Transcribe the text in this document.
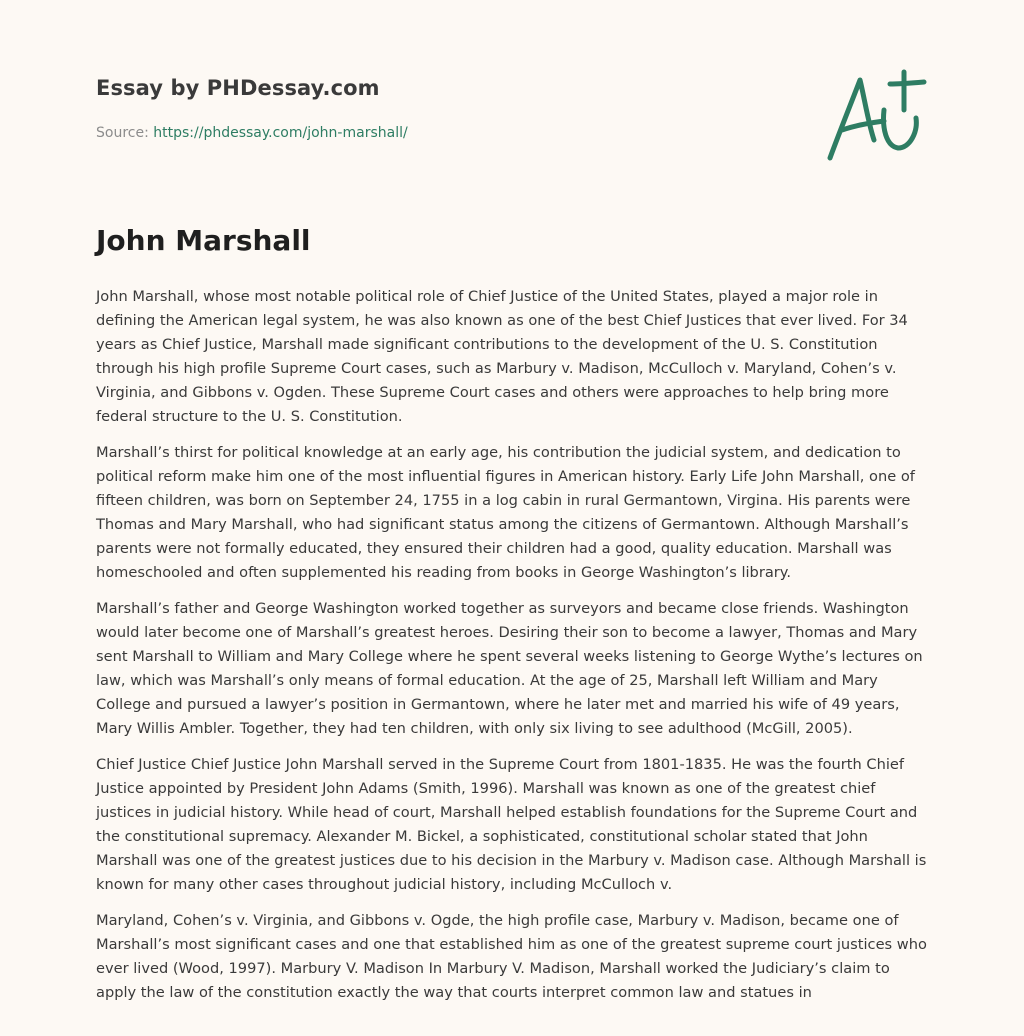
Essay by PHDessay.com
Source: https://phdessay.com/john-marshall/
John Marshall

John Marshall, whose most notable political role of Chief Justice of the United States, played a major role in defining the American legal system, he was also known as one of the best Chief Justices that ever lived. For 34 years as Chief Justice, Marshall made significant contributions to the development of the U. S. Constitution through his high profile Supreme Court cases, such as Marbury v. Madison, McCulloch v. Maryland, Cohen’s v. Virginia, and Gibbons v. Ogden. These Supreme Court cases and others were approaches to help bring more federal structure to the U. S. Constitution.

Marshall’s thirst for political knowledge at an early age, his contribution the judicial system, and dedication to political reform make him one of the most influential figures in American history. Early Life John Marshall, one of fifteen children, was born on September 24, 1755 in a log cabin in rural Germantown, Virgina. His parents were Thomas and Mary Marshall, who had significant status among the citizens of Germantown. Although Marshall’s parents were not formally educated, they ensured their children had a good, quality education. Marshall was homeschooled and often supplemented his reading from books in George Washington’s library.

Marshall’s father and George Washington worked together as surveyors and became close friends. Washington would later become one of Marshall’s greatest heroes. Desiring their son to become a lawyer, Thomas and Mary sent Marshall to William and Mary College where he spent several weeks listening to George Wythe’s lectures on law, which was Marshall’s only means of formal education. At the age of 25, Marshall left William and Mary College and pursued a lawyer’s position in Germantown, where he later met and married his wife of 49 years, Mary Willis Ambler. Together, they had ten children, with only six living to see adulthood (McGill, 2005).

Chief Justice Chief Justice John Marshall served in the Supreme Court from 1801-1835. He was the fourth Chief Justice appointed by President John Adams (Smith, 1996). Marshall was known as one of the greatest chief justices in judicial history. While head of court, Marshall helped establish foundations for the Supreme Court and the constitutional supremacy. Alexander M. Bickel, a sophisticated, constitutional scholar stated that John Marshall was one of the greatest justices due to his decision in the Marbury v. Madison case. Although Marshall is known for many other cases throughout judicial history, including McCulloch v.

Maryland, Cohen’s v. Virginia, and Gibbons v. Ogde, the high profile case, Marbury v. Madison, became one of Marshall’s most significant cases and one that established him as one of the greatest supreme court justices who ever lived (Wood, 1997). Marbury V. Madison In Marbury V. Madison, Marshall worked the Judiciary’s claim to apply the law of the constitution exactly the way that courts interpret common law and statues in
